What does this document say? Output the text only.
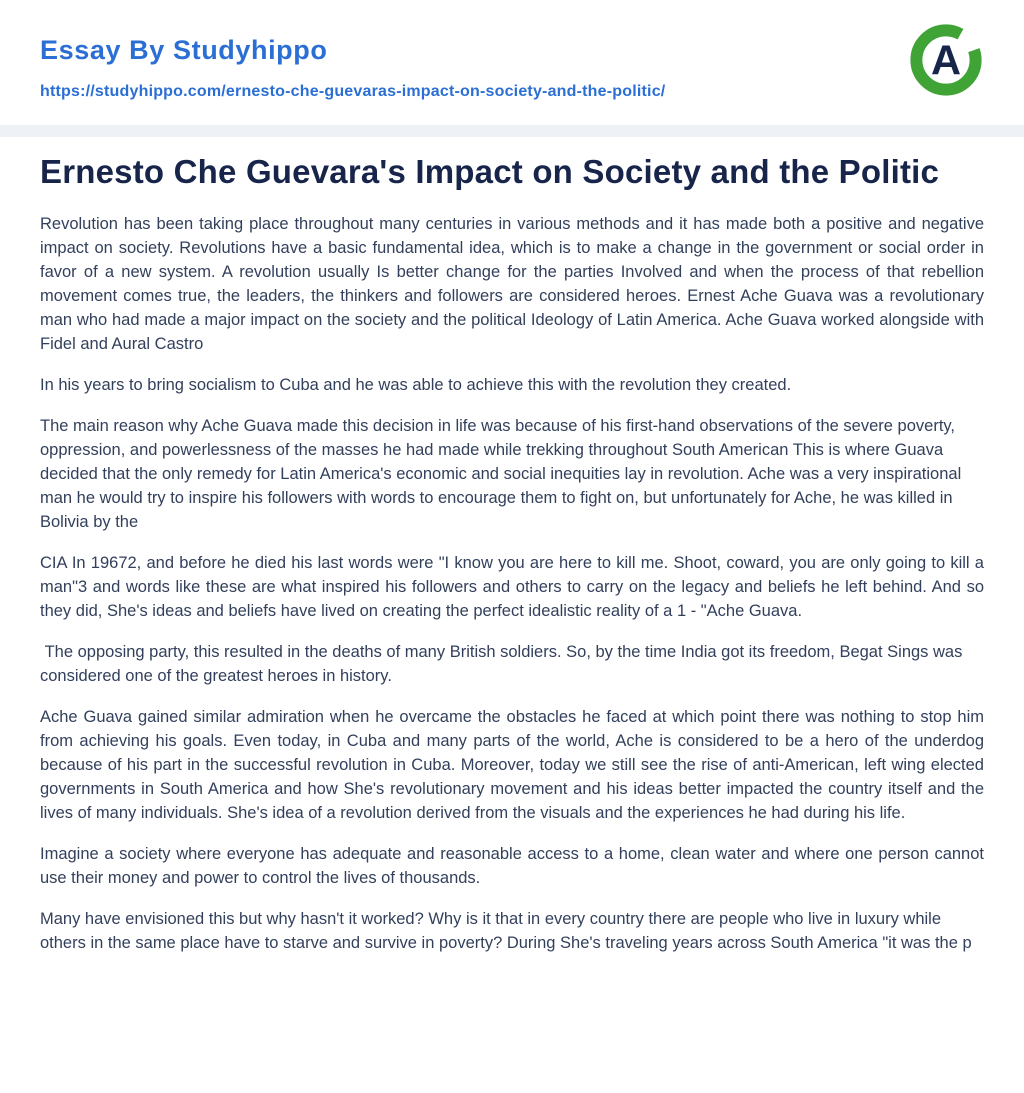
Essay By Studyhippo
https://studyhippo.com/ernesto-che-guevaras-impact-on-society-and-the-politic/
A
Ernesto Che Guevara's Impact on Society and the Politic

Revolution has been taking place throughout many centuries in various methods and it has made both a positive and negative impact on society. Revolutions have a basic fundamental idea, which is to make a change in the government or social order in favor of a new system. A revolution usually Is better change for the parties Involved and when the process of that rebellion movement comes true, the leaders, the thinkers and followers are considered heroes. Ernest Ache Guava was a revolutionary man who had made a major impact on the society and the political Ideology of Latin America. Ache Guava worked alongside with Fidel and Aural Castro

In his years to bring socialism to Cuba and he was able to achieve this with the revolution they created.

The main reason why Ache Guava made this decision in life was because of his first-hand observations of the severe poverty, oppression, and powerlessness of the masses he had made while trekking throughout South American This is where Guava decided that the only remedy for Latin America's economic and social inequities lay in revolution. Ache was a very inspirational man he would try to inspire his followers with words to encourage them to fight on, but unfortunately for Ache, he was killed in Bolivia by the

CIA In 19672, and before he died his last words were "I know you are here to kill me. Shoot, coward, you are only going to kill a man"3 and words like these are what inspired his followers and others to carry on the legacy and beliefs he left behind. And so they did, She's ideas and beliefs have lived on creating the perfect idealistic reality of a 1 - "Ache Guava.

The opposing party, this resulted in the deaths of many British soldiers. So, by the time India got its freedom, Begat Sings was considered one of the greatest heroes in history.

Ache Guava gained similar admiration when he overcame the obstacles he faced at which point there was nothing to stop him from achieving his goals. Even today, in Cuba and many parts of the world, Ache is considered to be a hero of the underdog because of his part in the successful revolution in Cuba. Moreover, today we still see the rise of anti-American, left wing elected governments in South America and how She's revolutionary movement and his ideas better impacted the country itself and the lives of many individuals. She's idea of a revolution derived from the visuals and the experiences he had during his life.

Imagine a society where everyone has adequate and reasonable access to a home, clean water and where one person cannot use their money and power to control the lives of thousands.

Many have envisioned this but why hasn't it worked? Why is it that in every country there are people who live in luxury while others in the same place have to starve and survive in poverty? During She's traveling years across South America "it was the p
